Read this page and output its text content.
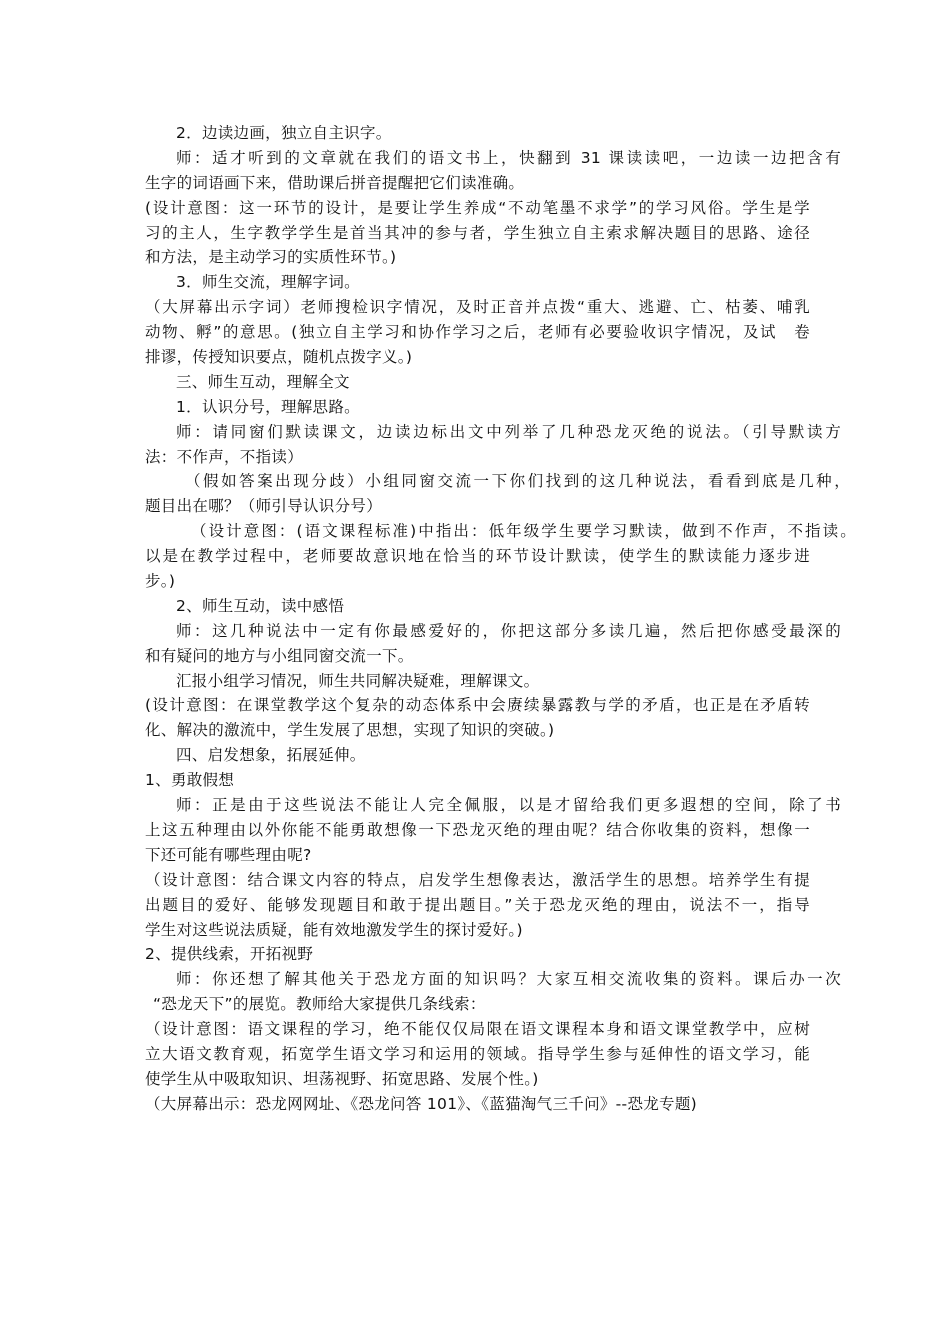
2．边读边画，独立自主识字。
师：适才听到的文章就在我们的语文书上，快翻到 31 课读读吧，一边读一边把含有
生字的词语画下来，借助课后拼音提醒把它们读准确。
(设计意图：这一环节的设计，是要让学生养成“不动笔墨不求学”的学习风俗。学生是学
习的主人，生字教学学生是首当其冲的参与者，学生独立自主索求解决题目的思路、途径
和方法，是主动学习的实质性环节。)
3．师生交流，理解字词。
（大屏幕出示字词）老师搜检识字情况，及时正音并点拨“重大、逃避、亡、枯萎、哺乳
动物、孵”的意思。(独立自主学习和协作学习之后，老师有必要验收识字情况，及试　卷
排谬，传授知识要点，随机点拨字义。)
三、师生互动，理解全文
1．认识分号，理解思路。
师：请同窗们默读课文，边读边标出文中列举了几种恐龙灭绝的说法。（引导默读方
法：不作声，不指读）
（假如答案出现分歧）小组同窗交流一下你们找到的这几种说法，看看到底是几种，
题目出在哪？（师引导认识分号）
（设计意图：(语文课程标准)中指出：低年级学生要学习默读，做到不作声，不指读。
以是在教学过程中，老师要故意识地在恰当的环节设计默读，使学生的默读能力逐步进
步。)
2、师生互动，读中感悟
师：这几种说法中一定有你最感爱好的，你把这部分多读几遍，然后把你感受最深的
和有疑问的地方与小组同窗交流一下。
汇报小组学习情况，师生共同解决疑难，理解课文。
(设计意图：在课堂教学这个复杂的动态体系中会赓续暴露教与学的矛盾，也正是在矛盾转
化、解决的激流中，学生发展了思想，实现了知识的突破。)
四、启发想象，拓展延伸。
1、勇敢假想
师：正是由于这些说法不能让人完全佩服，以是才留给我们更多遐想的空间，除了书
上这五种理由以外你能不能勇敢想像一下恐龙灭绝的理由呢？结合你收集的资料，想像一
下还可能有哪些理由呢?
（设计意图：结合课文内容的特点，启发学生想像表达，激活学生的思想。培养学生有提
出题目的爱好、能够发现题目和敢于提出题目。”关于恐龙灭绝的理由，说法不一，指导
学生对这些说法质疑，能有效地激发学生的探讨爱好。)
2、提供线索，开拓视野
师：你还想了解其他关于恐龙方面的知识吗？大家互相交流收集的资料。课后办一次
“恐龙天下”的展览。教师给大家提供几条线索：
（设计意图：语文课程的学习，绝不能仅仅局限在语文课程本身和语文课堂教学中，应树
立大语文教育观，拓宽学生语文学习和运用的领域。指导学生参与延伸性的语文学习，能
使学生从中吸取知识、坦荡视野、拓宽思路、发展个性。)
（大屏幕出示：恐龙网网址、《恐龙问答 101》、《蓝猫淘气三千问》--恐龙专题)
